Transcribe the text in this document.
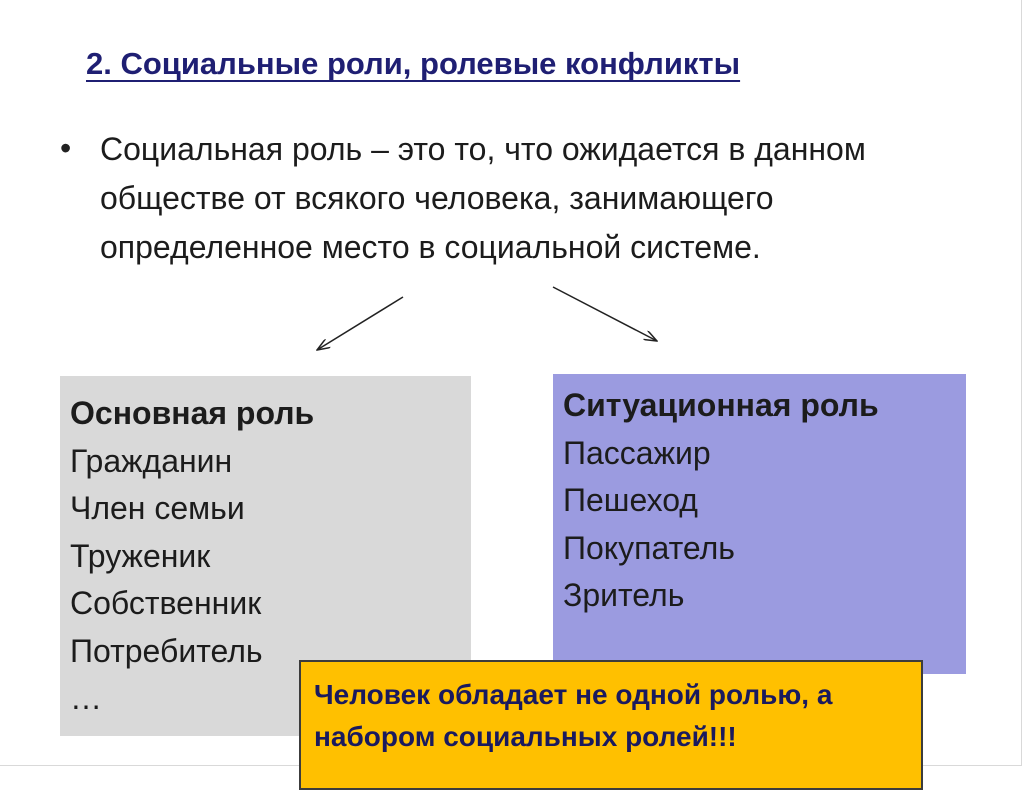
2. Социальные роли, ролевые конфликты
• Социальная роль – это то, что ожидается в данном обществе от всякого человека, занимающего определенное место в социальной системе.

Основная роль
Гражданин
Член семьи
Труженик
Собственник
Потребитель
…
Ситуационная роль
Пассажир
Пешеход
Покупатель
Зритель
Человек обладает не одной ролью, а набором социальных ролей!!!
